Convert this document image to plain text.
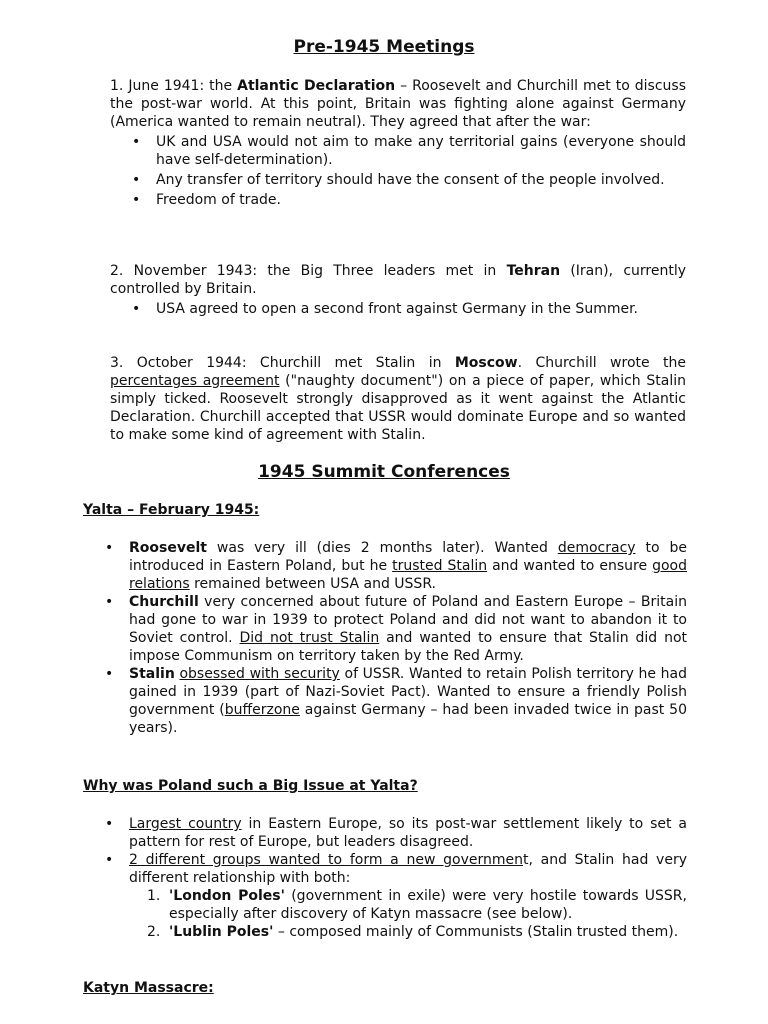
Pre-1945 Meetings

1. June 1941: the Atlantic Declaration – Roosevelt and Churchill met to discuss the post-war world. At this point, Britain was fighting alone against Germany (America wanted to remain neutral). They agreed that after the war:

• UK and USA would not aim to make any territorial gains (everyone should have self-determination).
• Any transfer of territory should have the consent of the people involved.
• Freedom of trade.

2. November 1943: the Big Three leaders met in Tehran (Iran), currently controlled by Britain.

• USA agreed to open a second front against Germany in the Summer.

3. October 1944: Churchill met Stalin in Moscow. Churchill wrote the percentages agreement ("naughty document") on a piece of paper, which Stalin simply ticked. Roosevelt strongly disapproved as it went against the Atlantic Declaration. Churchill accepted that USSR would dominate Europe and so wanted to make some kind of agreement with Stalin.

1945 Summit Conferences
Yalta – February 1945:
• Roosevelt was very ill (dies 2 months later). Wanted democracy to be introduced in Eastern Poland, but he trusted Stalin and wanted to ensure good relations remained between USA and USSR.
• Churchill very concerned about future of Poland and Eastern Europe – Britain had gone to war in 1939 to protect Poland and did not want to abandon it to Soviet control. Did not trust Stalin and wanted to ensure that Stalin did not impose Communism on territory taken by the Red Army.
• Stalin obsessed with security of USSR. Wanted to retain Polish territory he had gained in 1939 (part of Nazi-Soviet Pact). Wanted to ensure a friendly Polish government (bufferzone against Germany – had been invaded twice in past 50 years).
Why was Poland such a Big Issue at Yalta?
• Largest country in Eastern Europe, so its post-war settlement likely to set a pattern for rest of Europe, but leaders disagreed.
• 2 different groups wanted to form a new government, and Stalin had very different relationship with both:
1. 'London Poles' (government in exile) were very hostile towards USSR, especially after discovery of Katyn massacre (see below).
2. 'Lublin Poles' – composed mainly of Communists (Stalin trusted them).
Katyn Massacre:
